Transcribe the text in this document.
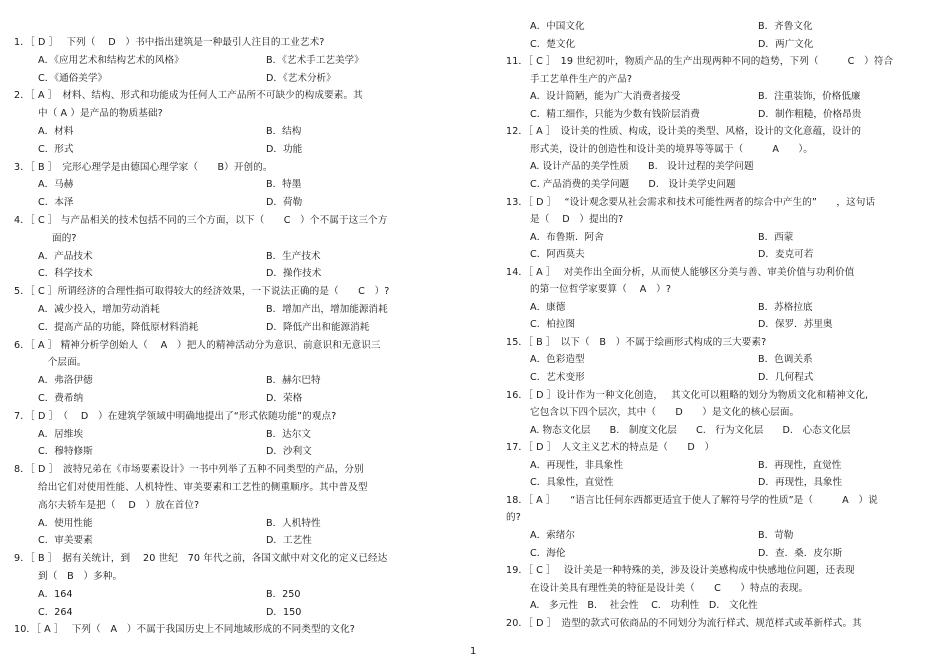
1．［ D ］　 下列（　 D　）书中指出建筑是一种最引人注目的工业艺术?
A．《应用艺术和结构艺术的风格》	B．《艺术手工艺美学》
C．《通俗美学》	D．《艺术分析》
2．［ A ］　材料、结构、形式和功能成为任何人工产品所不可缺少的构成要素。其
中（ A ）是产品的物质基础?
A．材料	B．结构
C．形式	D．功能
3．［ B ］　完形心理学是由德国心理学家（　　B）开创的。
A．马赫	B．特墨
C．本泽	D．荷勒
4．［ C ］ 与产品相关的技术包括不同的三个方面，以下（　　C　）个不属于这三个方
面的?
A．产品技术	B．生产技术
C．科学技术	D．操作技术
5．［ C ］所谓经济的合理性指可取得较大的经济效果，一下说法正确的是（　　C　）?
A．减少投入，增加劳动消耗	B．增加产出，增加能源消耗
C．提高产品的功能，降低原材料消耗	D．降低产出和能源消耗
6．［ A ］ 精神分析学创始人（　 A　）把人的精神活动分为意识、前意识和无意识三
　个层面。
A．弗洛伊德	B．赫尔巴特
C．费希纳	D．荣格
7．［ D ］　（　 D　）在建筑学领域中明确地提出了“形式依随功能”的观点?
A．居维埃	B．达尔文
C．穆特修斯	D．沙利文
8．［ D ］　波特兄弟在《市场要素设计》一书中列举了五种不同类型的产品，分别
给出它们对使用性能、人机特性、审美要素和工艺性的侧重顺序。其中普及型
高尔夫轿车是把（　 D　）放在首位?
A．使用性能	B．人机特性
C．审美要素	D．工艺性
9．［ B ］　据有关统计，到　 20 世纪　70 年代之前，各国文献中对文化的定义已经达
到（　B　）多种。
A．164	B．250
C．264	D．150
10．［ A ］　 下列（　A　）不属于我国历史上不同地域形成的不同类型的文化?
A．中国文化	B．齐鲁文化
C．楚文化	D．两广文化
11．［ C ］　19 世纪初叶，物质产品的生产出现两种不同的趋势，下列（　　　C　）符合
手工艺单件生产的产品?
A．设计简陋，能为广大消费者接受	B．注重装饰，价格低廉
C．精工细作，只能为少数有钱阶层消费	D．制作粗糙，价格昂贵
12．［ A ］　设计美的性质、构成，设计美的类型、风格，设计的文化意蕴，设计的
形式美，设计的创造性和设计美的境界等等属于（　　　A　　）。
A. 设计产品的美学性质　　B.　设计过程的美学问题
C. 产品消费的美学问题　　D.　设计美学史问题
13．［ D ］　 “设计观念要从社会需求和技术可能性两者的综合中产生的”　　，这句话
是（　 D　）提出的?
A．布鲁斯．阿舍	B．西蒙
C．阿西莫夫	D．麦克可若
14．［ A ］　 对美作出全面分析，从而使人能够区分美与善、审美价值与功利价值
的第一位哲学家要算（　 A　）?
A．康德	B．苏格拉底
C．柏拉图	D．保罗．苏里奥
15．［ B ］　以下（　B　）不属于绘画形式构成的三大要素?
A．色彩造型	B．色调关系
C．艺术变形	D．几何程式
16．［ D ］设计作为一种文化创造，　 其文化可以粗略的划分为物质文化和精神文化,
它包含以下四个层次，其中（　　D　　）是文化的核心层面。
A. 物态文化层　　B.　制度文化层　　C.　行为文化层　　D.　心态文化层
17．［ D ］　人文主义艺术的特点是（　　D　）
A．再现性，非具象性	B．再现性，直觉性
C．具象性，直觉性	D．再现性，具象性
18．［ A ］　　“语言比任何东西都更适宜于使人了解符号学的性质”是（　　　A　）说
的?
A．索绪尔	B．苛勒
C．海伦	D．查．桑．皮尔斯
19．［ C ］　 设计美是一种特殊的美，涉及设计美感构成中快感地位问题，还表现
在设计美具有理性美的特征是设计美（　　C　　）特点的表现。
A.　多元性　B.　 社会性　 C.　功利性　D.　文化性
20．［ D ］　造型的款式可依商品的不同划分为流行样式、规范样式或革新样式。其
1
